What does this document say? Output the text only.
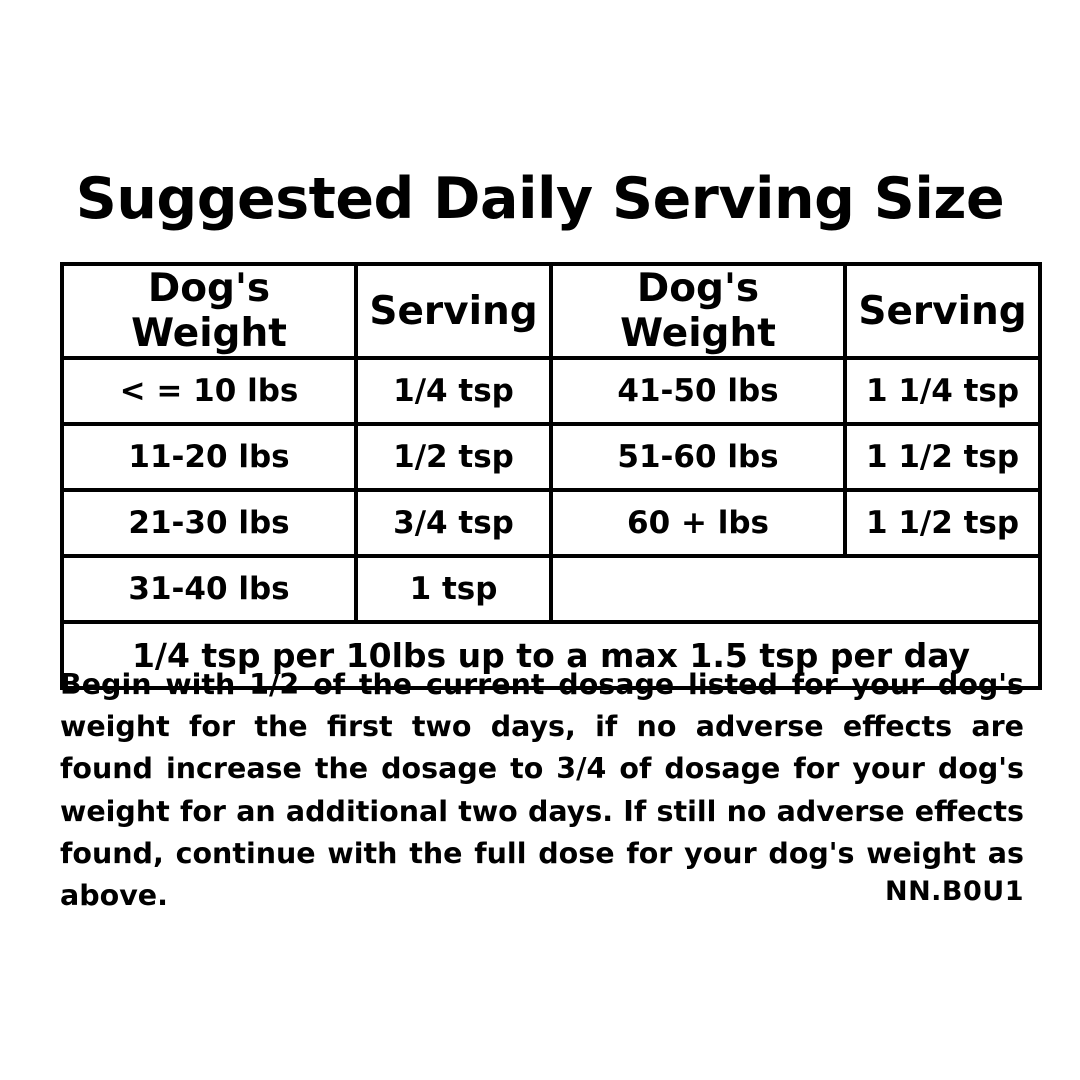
Suggested Daily Serving Size
Dog's Weight	Serving	Dog's Weight	Serving
< = 10 lbs	1/4 tsp	41-50 lbs	1 1/4 tsp
11-20 lbs	1/2 tsp	51-60 lbs	1 1/2 tsp
21-30 lbs	3/4 tsp	60 + lbs	1 1/2 tsp
31-40 lbs	1 tsp		
1/4 tsp per 10lbs up to a max 1.5 tsp per day			
Begin with 1/2 of the current dosage listed for your dog's weight for the first two days, if no adverse effects are found increase the dosage to 3/4 of dosage for your dog's weight for an additional two days. If still no adverse effects found, continue with the full dose for your dog's weight as above.	NN.B0U1
